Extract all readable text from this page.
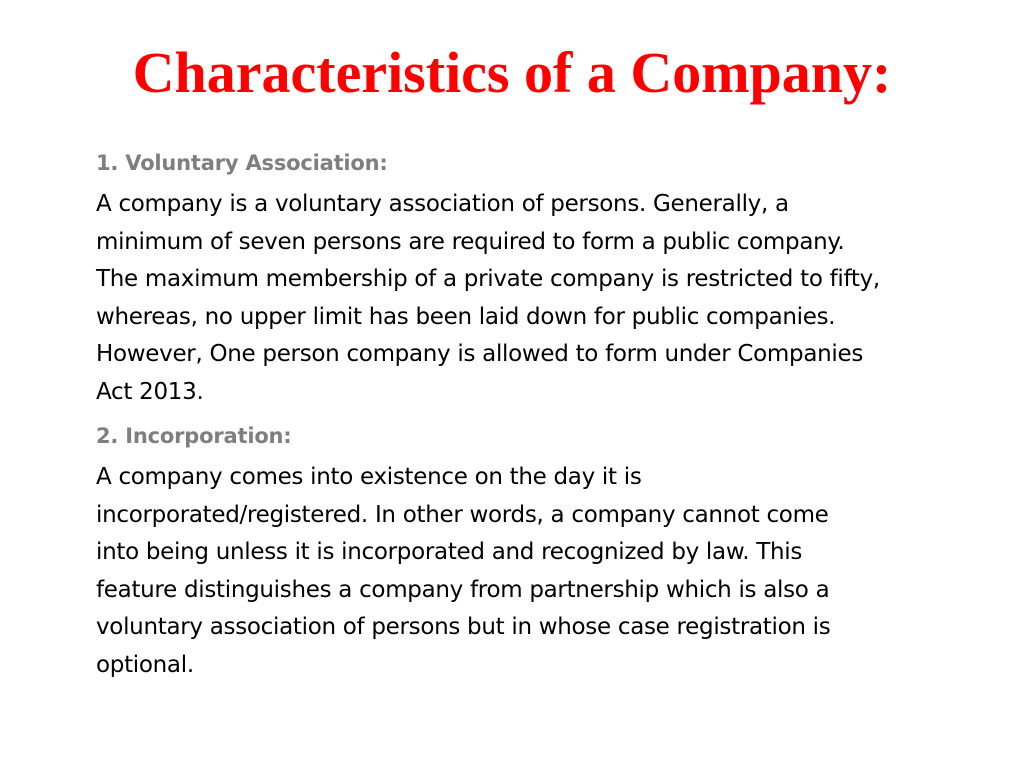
Characteristics of a Company:
1. Voluntary Association:
A company is a voluntary association of persons. Generally, a
minimum of seven persons are required to form a public company.
The maximum membership of a private company is restricted to fifty,
whereas, no upper limit has been laid down for public companies.
However, One person company is allowed to form under Companies
Act 2013.
2. Incorporation:
A company comes into existence on the day it is
incorporated/registered. In other words, a company cannot come
into being unless it is incorporated and recognized by law. This
feature distinguishes a company from partnership which is also a
voluntary association of persons but in whose case registration is
optional.
